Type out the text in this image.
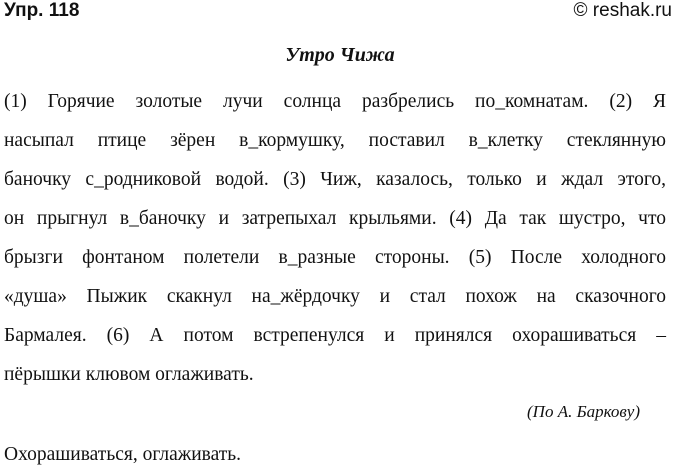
Упр. 118	© reshak.ru
Утро Чижа
(1) Горячие золотые лучи солнца разбрелись по_комнатам. (2) Я
насыпал птице зёрен в_кормушку, поставил в_клетку стеклянную
баночку с_родниковой водой. (3) Чиж, казалось, только и ждал этого,
он прыгнул в_баночку и затрепыхал крыльями. (4) Да так шустро, что
брызги фонтаном полетели в_разные стороны. (5) После холодного
«душа» Пыжик скакнул на_жёрдочку и стал похож на сказочного
Бармалея. (6) А потом встрепенулся и принялся охорашиваться –
пёрышки клювом оглаживать.
(По А. Баркову)
Охорашиваться, оглаживать.
